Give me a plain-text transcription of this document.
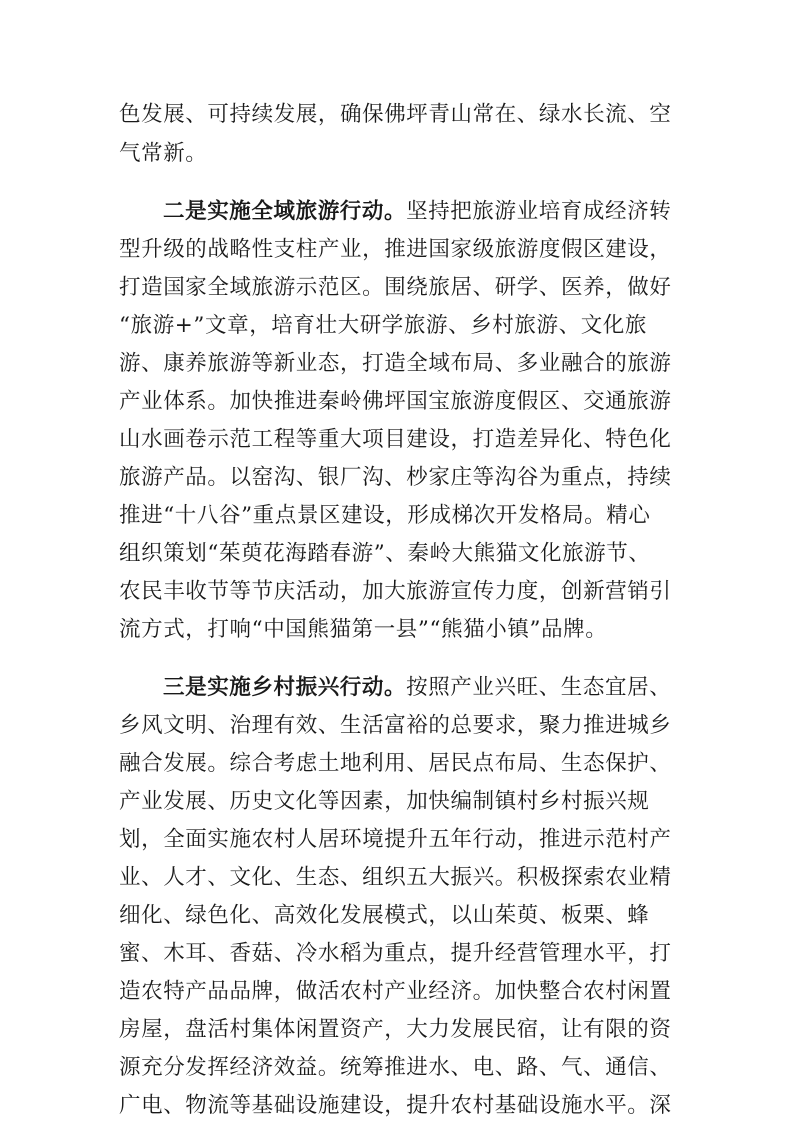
色发展、可持续发展，确保佛坪青山常在、绿水长流、空
气常新。
二是实施全域旅游行动。坚持把旅游业培育成经济转
型升级的战略性支柱产业，推进国家级旅游度假区建设，
打造国家全域旅游示范区。围绕旅居、研学、医养，做好
“旅游+”文章，培育壮大研学旅游、乡村旅游、文化旅
游、康养旅游等新业态，打造全域布局、多业融合的旅游
产业体系。加快推进秦岭佛坪国宝旅游度假区、交通旅游
山水画卷示范工程等重大项目建设，打造差异化、特色化
旅游产品。以窑沟、银厂沟、杪家庄等沟谷为重点，持续
推进“十八谷”重点景区建设，形成梯次开发格局。精心
组织策划“茱萸花海踏春游”、秦岭大熊猫文化旅游节、
农民丰收节等节庆活动，加大旅游宣传力度，创新营销引
流方式，打响“中国熊猫第一县”“熊猫小镇”品牌。
三是实施乡村振兴行动。按照产业兴旺、生态宜居、
乡风文明、治理有效、生活富裕的总要求，聚力推进城乡
融合发展。综合考虑土地利用、居民点布局、生态保护、
产业发展、历史文化等因素，加快编制镇村乡村振兴规
划，全面实施农村人居环境提升五年行动，推进示范村产
业、人才、文化、生态、组织五大振兴。积极探索农业精
细化、绿色化、高效化发展模式，以山茱萸、板栗、蜂
蜜、木耳、香菇、冷水稻为重点，提升经营管理水平，打
造农特产品品牌，做活农村产业经济。加快整合农村闲置
房屋，盘活村集体闲置资产，大力发展民宿，让有限的资
源充分发挥经济效益。统筹推进水、电、路、气、通信、
广电、物流等基础设施建设，提升农村基础设施水平。深
